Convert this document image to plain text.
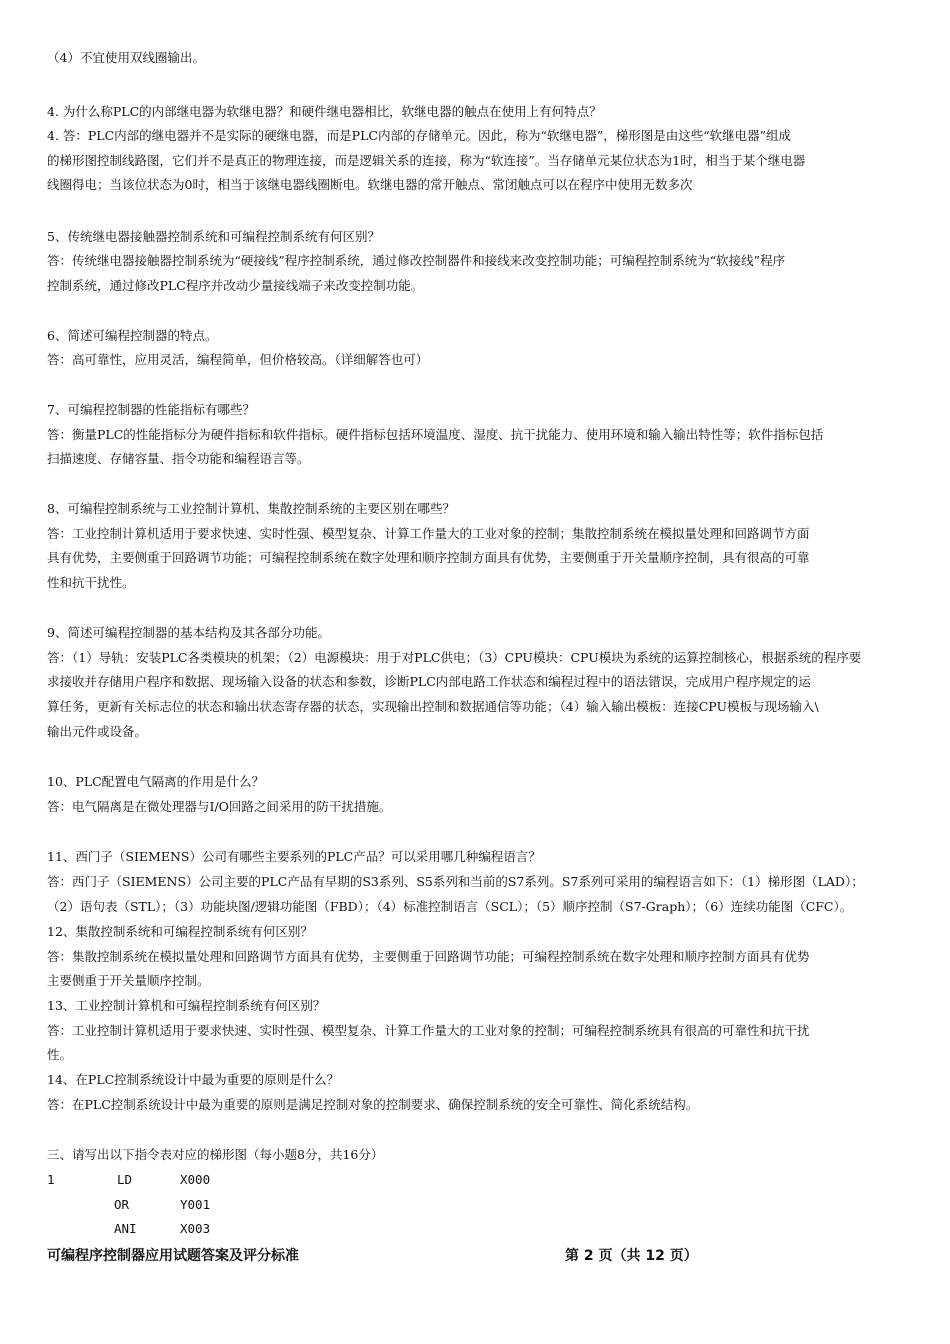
（4）不宜使用双线圈输出。
4. 为什么称PLC的内部继电器为软继电器？和硬件继电器相比，软继电器的触点在使用上有何特点？
4. 答：PLC内部的继电器并不是实际的硬继电器，而是PLC内部的存储单元。因此，称为“软继电器”，梯形图是由这些“软继电器”组成
的梯形图控制线路图，它们并不是真正的物理连接，而是逻辑关系的连接，称为“软连接”。当存储单元某位状态为1时，相当于某个继电器
线圈得电；当该位状态为0时，相当于该继电器线圈断电。软继电器的常开触点、常闭触点可以在程序中使用无数多次
5、传统继电器接触器控制系统和可编程控制系统有何区别？
答：传统继电器接触器控制系统为“硬接线”程序控制系统，通过修改控制器件和接线来改变控制功能；可编程控制系统为“软接线”程序
控制系统，通过修改PLC程序并改动少量接线端子来改变控制功能。
6、简述可编程控制器的特点。
答：高可靠性，应用灵活，编程简单，但价格较高。（详细解答也可）
7、可编程控制器的性能指标有哪些？
答：衡量PLC的性能指标分为硬件指标和软件指标。硬件指标包括环境温度、湿度、抗干扰能力、使用环境和输入输出特性等；软件指标包括
扫描速度、存储容量、指令功能和编程语言等。
8、可编程控制系统与工业控制计算机、集散控制系统的主要区别在哪些？
答：工业控制计算机适用于要求快速、实时性强、模型复杂、计算工作量大的工业对象的控制；集散控制系统在模拟量处理和回路调节方面
具有优势，主要侧重于回路调节功能；可编程控制系统在数字处理和顺序控制方面具有优势，主要侧重于开关量顺序控制，具有很高的可靠
性和抗干扰性。
9、简述可编程控制器的基本结构及其各部分功能。
答：（1）导轨：安装PLC各类模块的机架；（2）电源模块：用于对PLC供电；（3）CPU模块：CPU模块为系统的运算控制核心，根据系统的程序要
求接收并存储用户程序和数据、现场输入设备的状态和参数，诊断PLC内部电路工作状态和编程过程中的语法错误，完成用户程序规定的运
算任务，更新有关标志位的状态和输出状态寄存器的状态，实现输出控制和数据通信等功能；（4）输入输出模板：连接CPU模板与现场输入\
输出元件或设备。
10、PLC配置电气隔离的作用是什么？
答：电气隔离是在微处理器与I/O回路之间采用的防干扰措施。
11、西门子（SIEMENS）公司有哪些主要系列的PLC产品？可以采用哪几种编程语言？
答：西门子（SIEMENS）公司主要的PLC产品有早期的S3系列、S5系列和当前的S7系列。S7系列可采用的编程语言如下：（1）梯形图（LAD）；
（2）语句表（STL）；（3）功能块图/逻辑功能图（FBD）；（4）标准控制语言（SCL）；（5）顺序控制（S7-Graph）；（6）连续功能图（CFC）。
12、集散控制系统和可编程控制系统有何区别？
答：集散控制系统在模拟量处理和回路调节方面具有优势，主要侧重于回路调节功能；可编程控制系统在数字处理和顺序控制方面具有优势
主要侧重于开关量顺序控制。
13、工业控制计算机和可编程控制系统有何区别？
答：工业控制计算机适用于要求快速、实时性强、模型复杂、计算工作量大的工业对象的控制；可编程控制系统具有很高的可靠性和抗干扰
性。
14、在PLC控制系统设计中最为重要的原则是什么？
答：在PLC控制系统设计中最为重要的原则是满足控制对象的控制要求、确保控制系统的安全可靠性、简化系统结构。
三、请写出以下指令表对应的梯形图（每小题8分，共16分）
1	LD	X000
OR	Y001
ANI	X003
可编程序控制器应用试题答案及评分标准	第 2 页（共 12 页）
